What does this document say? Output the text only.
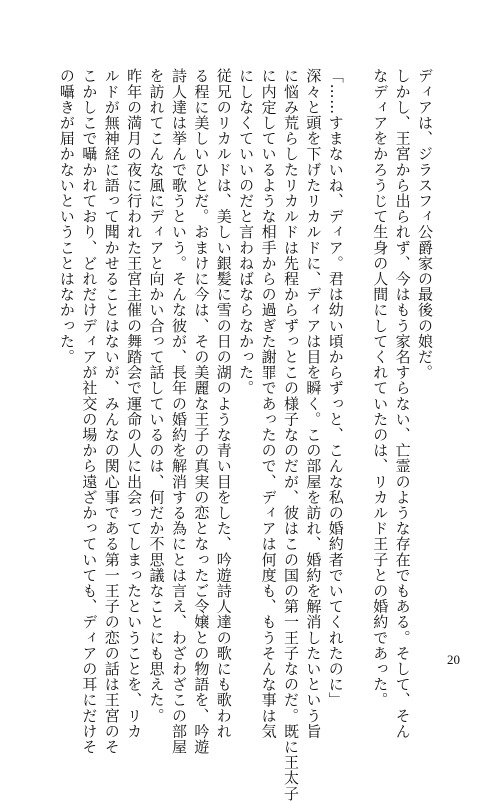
ディアは、ジラスフィ公爵家の最後の娘だ。
しかし、王宮から出られず、今はもう家名すらない、亡霊のような存在でもある。そして、そん
なディアをかろうじて生身の人間にしてくれていたのは、リカルド王子との婚約であった。
「……すまないね、ディア。君は幼い頃からずっと、こんな私の婚約者でいてくれたのに」
深々と頭を下げたリカルドに、ディアは目を瞬く。この部屋を訪れ、婚約を解消したいという旨
に悩み荒らしたリカルドは先程からずっとこの様子なのだが、彼はこの国の第一王子なのだ。既に王太子
に内定しているような相手からの過ぎた謝罪であったので、ディアは何度も、もうそんな事は気
にしなくていいのだと言わねばならなかった。
従兄のリカルドは、美しい銀髪に雪の日の湖のような青い目をした、吟遊詩人達の歌にも歌われ
る程に美しいひとだ。おまけに今は、その美麗な王子の真実の恋となったご令嬢との物語を、吟遊
詩人達は挙んで歌うという。そんな彼が、長年の婚約を解消する為にとは言え、わざわざこの部屋
を訪れてこんな風にディアと向かい合って話しているのは、何だか不思議なことにも思えた。
昨年の満月の夜に行われた王宮主催の舞踏会で運命の人に出会ってしまったということを、リカ
ルドが無神経に語って聞かせることはないが、みんなの関心事である第一王子の恋の話は王宮のそ
こかしこで囁かれており、どれだけディアが社交の場から遠ざかっていても、ディアの耳にだけそ
の囁きが届かないということはなかった。
20
